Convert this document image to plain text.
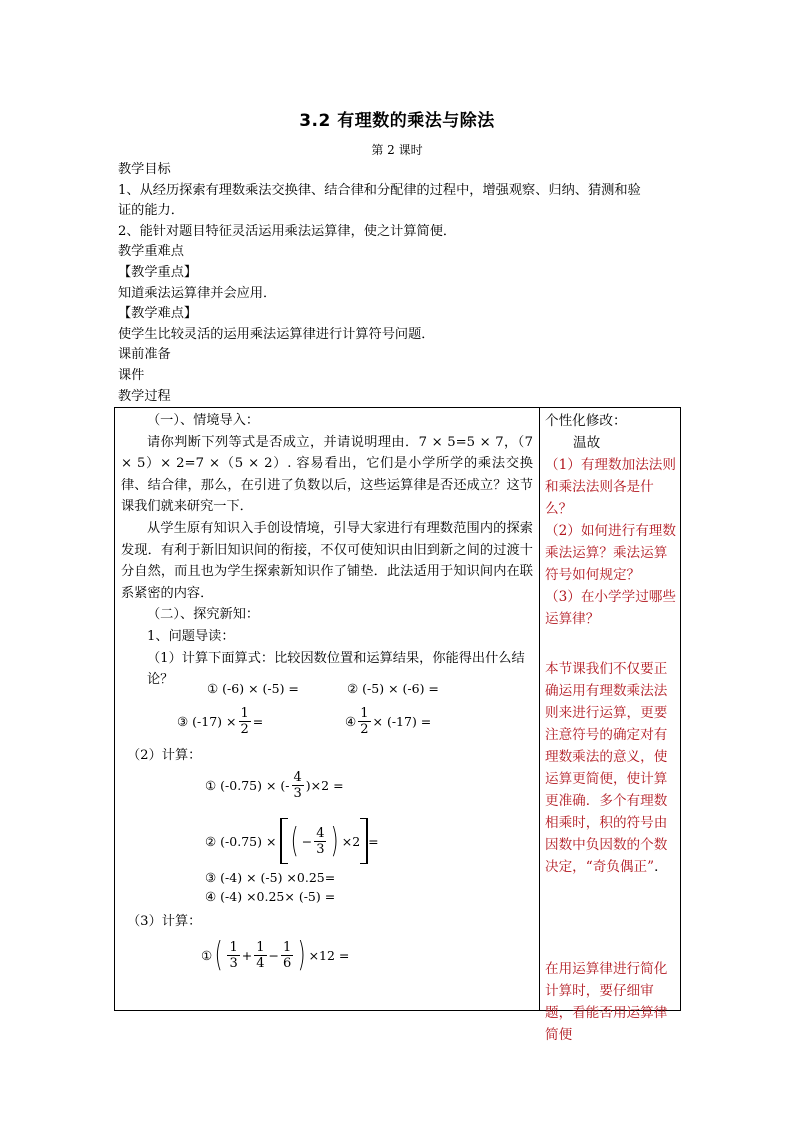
3.2 有理数的乘法与除法
第 2 课时
教学目标
1、从经历探索有理数乘法交换律、结合律和分配律的过程中，增强观察、归纳、猜测和验
证的能力．
2、能针对题目特征灵活运用乘法运算律，使之计算简便．
教学重难点
【教学重点】
知道乘法运算律并会应用．
【教学难点】
使学生比较灵活的运用乘法运算律进行计算符号问题．
课前准备
课件
教学过程

（一）、情境导入：

请你判断下列等式是否成立，并请说明理由．7 × 5=5 × 7，（7 × 5）× 2=7 ×（5 × 2）. 容易看出，它们是小学所学的乘法交换律、结合律，那么，在引进了负数以后，这些运算律是否还成立？这节课我们就来研究一下．

从学生原有知识入手创设情境，引导大家进行有理数范围内的探索发现．有利于新旧知识间的衔接，不仅可使知识由旧到新之间的过渡十分自然，而且也为学生探索新知识作了铺垫．此法适用于知识间内在联系紧密的内容．

（二）、探究新知：

1、问题导读：

（1）计算下面算式：比较因数位置和运算结果，你能得出什么结论？

① (-6) × (-5) =	② (-5) × (-6) =
③ $(-17) \times \frac{1}{2}$ =	④ $\frac{1}{2} \times (-17)$ =
（2）计算：
① (-0.75) × (- $\frac{4}{3} )\times 2$ =
② (-0.75) × ( − $\frac{4}{3}$ ) ×2 =
③ (-4) × (-5) ×0.25=
④ (-4) ×0.25× (-5) =
（3）计算：
① ( $\frac{1}{3} + \frac{1}{4} - \frac{1}{6}$ ) ×12 =

个性化修改：

温故

（1）有理数加法法则和乘法法则各是什么？

（2）如何进行有理数乘法运算？乘法运算符号如何规定？

（3）在小学学过哪些运算律？

本节课我们不仅要正确运用有理数乘法法则来进行运算，更要注意符号的确定对有理数乘法的意义，使运算更简便，使计算更准确．多个有理数相乘时，积的符号由因数中负因数的个数决定，“奇负偶正”．

在用运算律进行简化计算时，要仔细审题，看能否用运算律简便
